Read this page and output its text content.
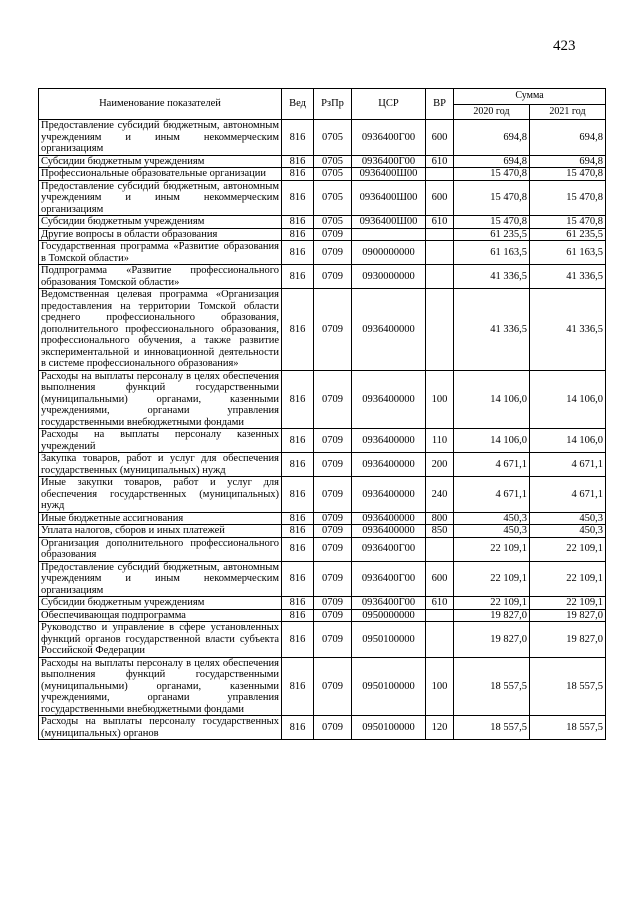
423
Наименование показателей	Вед	РзПр	ЦСР	ВР	Сумма	
					2020 год	2021 год
Предоставление субсидий бюджетным, автономным учреждениям и иным некоммерческим организациям	816	0705	0936400Г00	600	694,8	694,8
Субсидии бюджетным учреждениям	816	0705	0936400Г00	610	694,8	694,8
Профессиональные образовательные организации	816	0705	0936400Ш00		15 470,8	15 470,8
Предоставление субсидий бюджетным, автономным учреждениям и иным некоммерческим организациям	816	0705	0936400Ш00	600	15 470,8	15 470,8
Субсидии бюджетным учреждениям	816	0705	0936400Ш00	610	15 470,8	15 470,8
Другие вопросы в области образования	816	0709			61 235,5	61 235,5
Государственная программа «Развитие образования в Томской области»	816	0709	0900000000		61 163,5	61 163,5
Подпрограмма «Развитие профессионального образования Томской области»	816	0709	0930000000		41 336,5	41 336,5
Ведомственная целевая программа «Организация предоставления на территории Томской области среднего профессионального образования, дополнительного профессионального образования, профессионального обучения, а также развитие экспериментальной и инновационной деятельности в системе профессионального образования»	816	0709	0936400000		41 336,5	41 336,5
Расходы на выплаты персоналу в целях обеспечения выполнения функций государственными (муниципальными) органами, казенными учреждениями, органами управления государственными внебюджетными фондами	816	0709	0936400000	100	14 106,0	14 106,0
Расходы на выплаты персоналу казенных учреждений	816	0709	0936400000	110	14 106,0	14 106,0
Закупка товаров, работ и услуг для обеспечения государственных (муниципальных) нужд	816	0709	0936400000	200	4 671,1	4 671,1
Иные закупки товаров, работ и услуг для обеспечения государственных (муниципальных) нужд	816	0709	0936400000	240	4 671,1	4 671,1
Иные бюджетные ассигнования	816	0709	0936400000	800	450,3	450,3
Уплата налогов, сборов и иных платежей	816	0709	0936400000	850	450,3	450,3
Организация дополнительного профессионального образования	816	0709	0936400Г00		22 109,1	22 109,1
Предоставление субсидий бюджетным, автономным учреждениям и иным некоммерческим организациям	816	0709	0936400Г00	600	22 109,1	22 109,1
Субсидии бюджетным учреждениям	816	0709	0936400Г00	610	22 109,1	22 109,1
Обеспечивающая подпрограмма	816	0709	0950000000		19 827,0	19 827,0
Руководство и управление в сфере установленных функций органов государственной власти субъекта Российской Федерации	816	0709	0950100000		19 827,0	19 827,0
Расходы на выплаты персоналу в целях обеспечения выполнения функций государственными (муниципальными) органами, казенными учреждениями, органами управления государственными внебюджетными фондами	816	0709	0950100000	100	18 557,5	18 557,5
Расходы на выплаты персоналу государственных (муниципальных) органов	816	0709	0950100000	120	18 557,5	18 557,5
